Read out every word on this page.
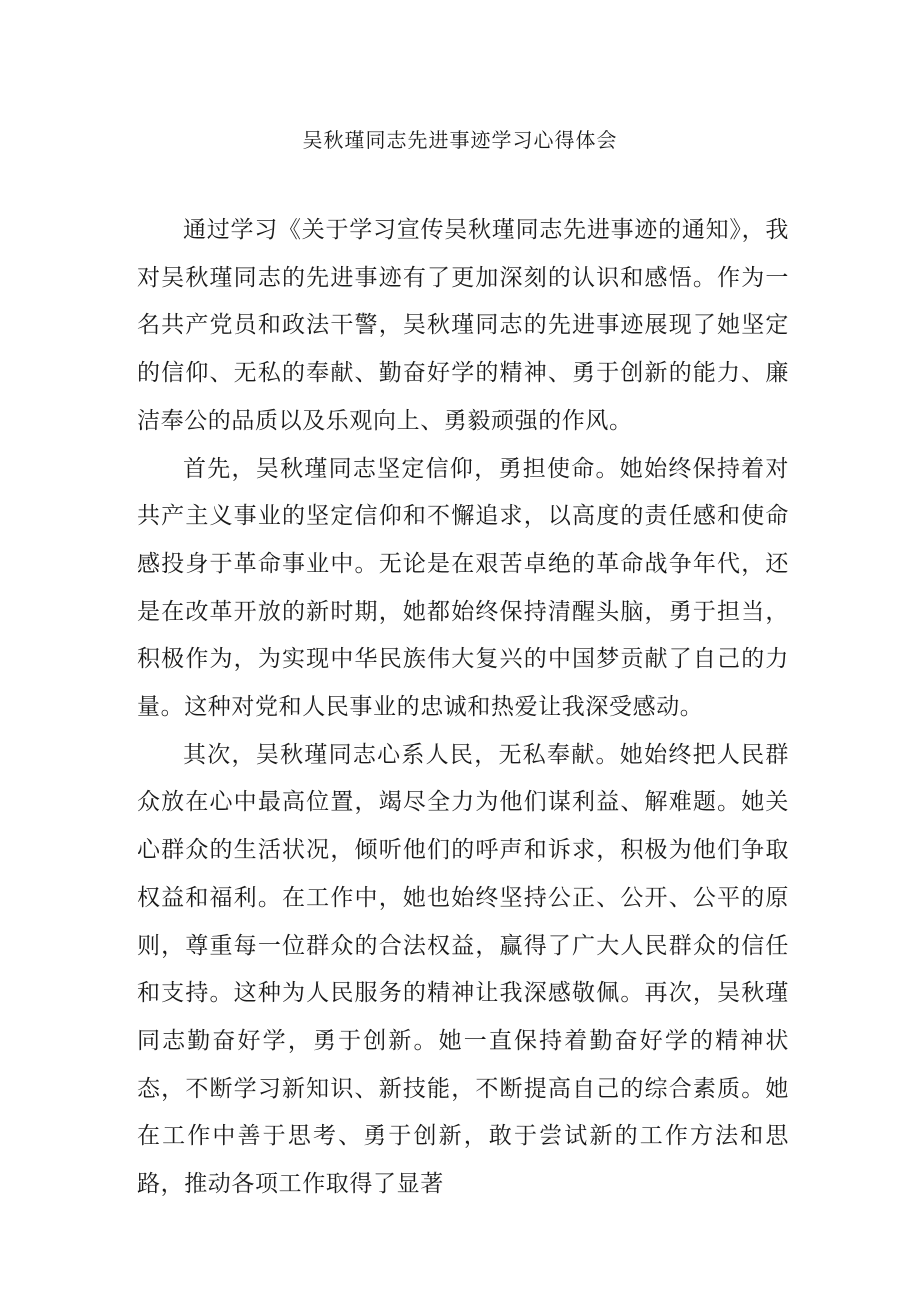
吴秋瑾同志先进事迹学习心得体会

通过学习《关于学习宣传吴秋瑾同志先进事迹的通知》，我对吴秋瑾同志的先进事迹有了更加深刻的认识和感悟。作为一名共产党员和政法干警，吴秋瑾同志的先进事迹展现了她坚定的信仰、无私的奉献、勤奋好学的精神、勇于创新的能力、廉洁奉公的品质以及乐观向上、勇毅顽强的作风。

首先，吴秋瑾同志坚定信仰，勇担使命。她始终保持着对共产主义事业的坚定信仰和不懈追求，以高度的责任感和使命感投身于革命事业中。无论是在艰苦卓绝的革命战争年代，还是在改革开放的新时期，她都始终保持清醒头脑，勇于担当，积极作为，为实现中华民族伟大复兴的中国梦贡献了自己的力量。这种对党和人民事业的忠诚和热爱让我深受感动。

其次，吴秋瑾同志心系人民，无私奉献。她始终把人民群众放在心中最高位置，竭尽全力为他们谋利益、解难题。她关心群众的生活状况，倾听他们的呼声和诉求，积极为他们争取权益和福利。在工作中，她也始终坚持公正、公开、公平的原则，尊重每一位群众的合法权益，赢得了广大人民群众的信任和支持。这种为人民服务的精神让我深感敬佩。再次，吴秋瑾同志勤奋好学，勇于创新。她一直保持着勤奋好学的精神状态，不断学习新知识、新技能，不断提高自己的综合素质。她在工作中善于思考、勇于创新，敢于尝试新的工作方法和思路，推动各项工作取得了显著
